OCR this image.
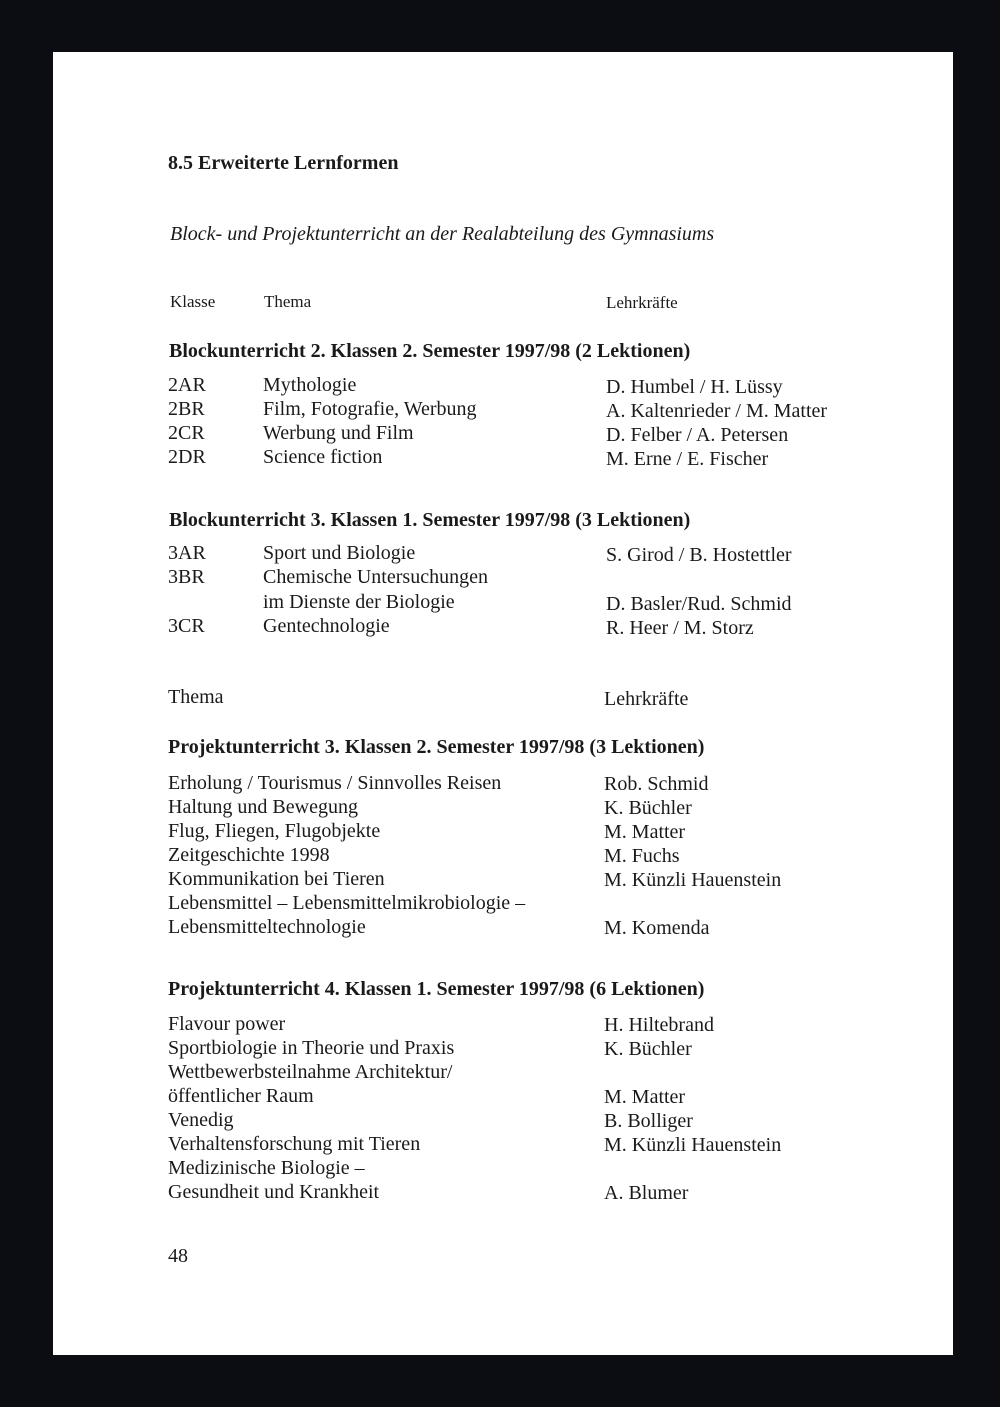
8.5 Erweiterte Lernformen
Block- und Projektunterricht an der Realabteilung des Gymnasiums
Klasse	Thema	Lehrkräfte
Blockunterricht 2. Klassen 2. Semester 1997/98 (2 Lektionen)
2AR	Mythologie	D. Humbel / H. Lüssy
2BR	Film, Fotografie, Werbung	A. Kaltenrieder / M. Matter
2CR	Werbung und Film	D. Felber / A. Petersen
2DR	Science fiction	M. Erne / E. Fischer
Blockunterricht 3. Klassen 1. Semester 1997/98 (3 Lektionen)
3AR	Sport und Biologie	S. Girod / B. Hostettler
3BR	Chemische Untersuchungen
im Dienste der Biologie	D. Basler/Rud. Schmid
3CR	Gentechnologie	R. Heer / M. Storz
Thema	Lehrkräfte
Projektunterricht 3. Klassen 2. Semester 1997/98 (3 Lektionen)
Erholung / Tourismus / Sinnvolles Reisen	Rob. Schmid
Haltung und Bewegung	K. Büchler
Flug, Fliegen, Flugobjekte	M. Matter
Zeitgeschichte 1998	M. Fuchs
Kommunikation bei Tieren	M. Künzli Hauenstein
Lebensmittel – Lebensmittelmikrobiologie –
Lebensmitteltechnologie	M. Komenda
Projektunterricht 4. Klassen 1. Semester 1997/98 (6 Lektionen)
Flavour power	H. Hiltebrand
Sportbiologie in Theorie und Praxis	K. Büchler
Wettbewerbsteilnahme Architektur/
öffentlicher Raum	M. Matter
Venedig	B. Bolliger
Verhaltensforschung mit Tieren	M. Künzli Hauenstein
Medizinische Biologie –
Gesundheit und Krankheit	A. Blumer
48
